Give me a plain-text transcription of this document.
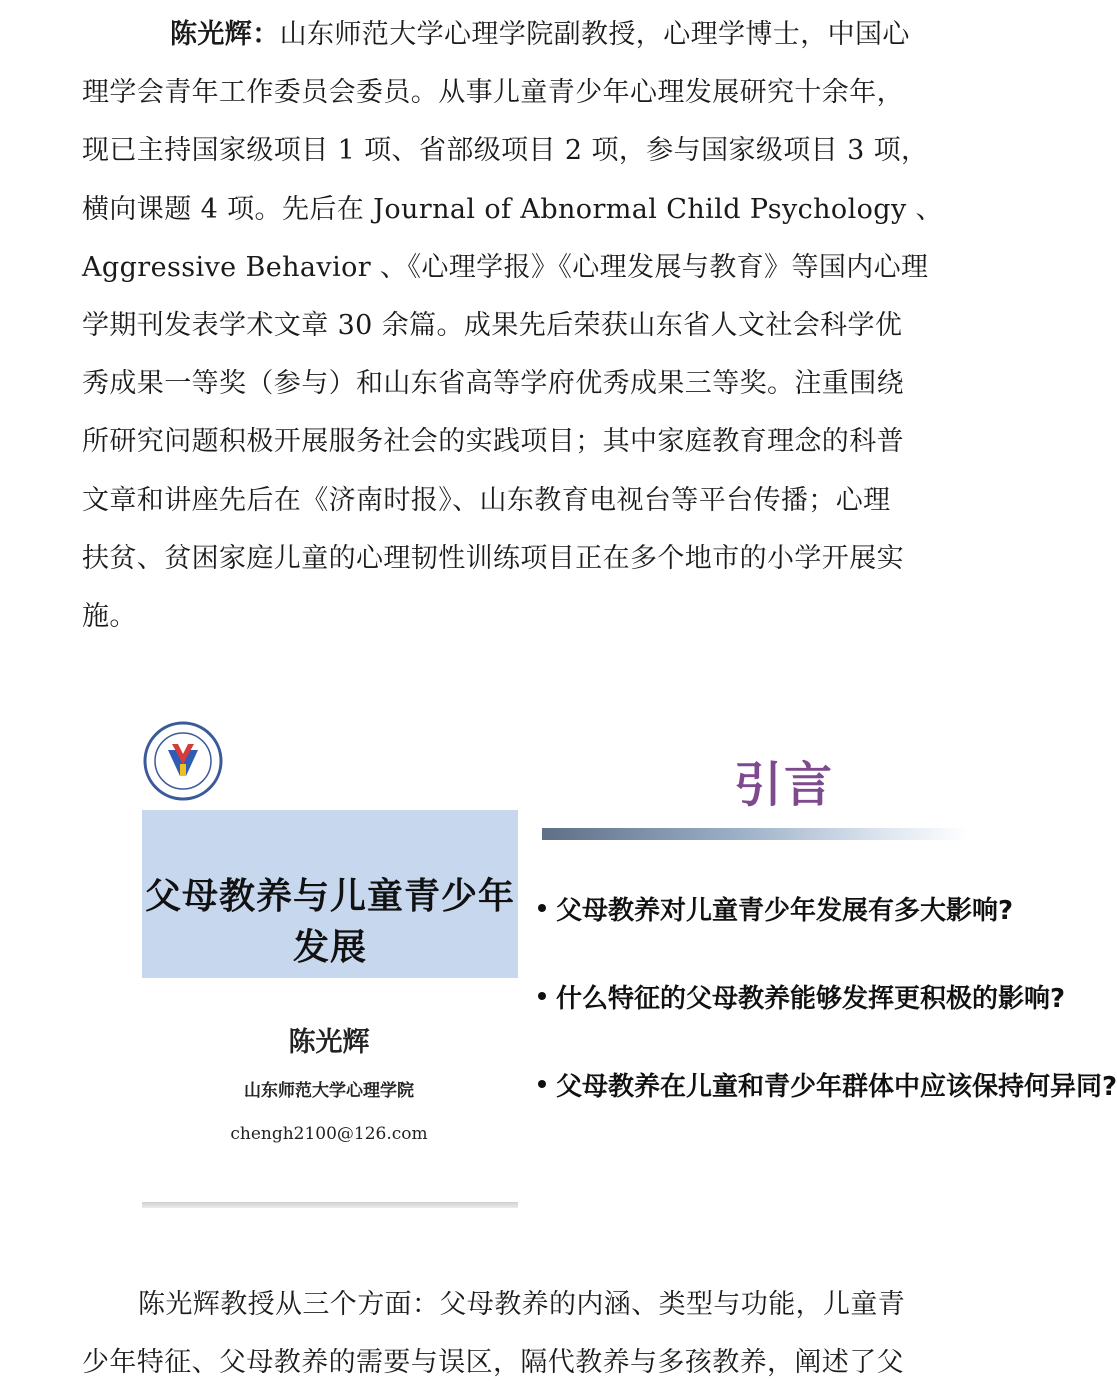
陈光辉：山东师范大学心理学院副教授，心理学博士，中国心
理学会青年工作委员会委员。从事儿童青少年心理发展研究十余年，
现已主持国家级项目 1 项、省部级项目 2 项，参与国家级项目 3 项，
横向课题 4 项。先后在 Journal of Abnormal Child Psychology 、
Aggressive Behavior 、《心理学报》《心理发展与教育》等国内心理
学期刊发表学术文章 30 余篇。成果先后荣获山东省人文社会科学优
秀成果一等奖（参与）和山东省高等学府优秀成果三等奖。注重围绕
所研究问题积极开展服务社会的实践项目；其中家庭教育理念的科普
文章和讲座先后在《济南时报》、山东教育电视台等平台传播；心理
扶贫、贫困家庭儿童的心理韧性训练项目正在多个地市的小学开展实
施。
父母教养与儿童青少年发展
陈光辉
山东师范大学心理学院
chengh2100@126.com
引言
父母教养对儿童青少年发展有多大影响?
什么特征的父母教养能够发挥更积极的影响?
父母教养在儿童和青少年群体中应该保持何异同?
陈光辉教授从三个方面：父母教养的内涵、类型与功能，儿童青
少年特征、父母教养的需要与误区，隔代教养与多孩教养，阐述了父
